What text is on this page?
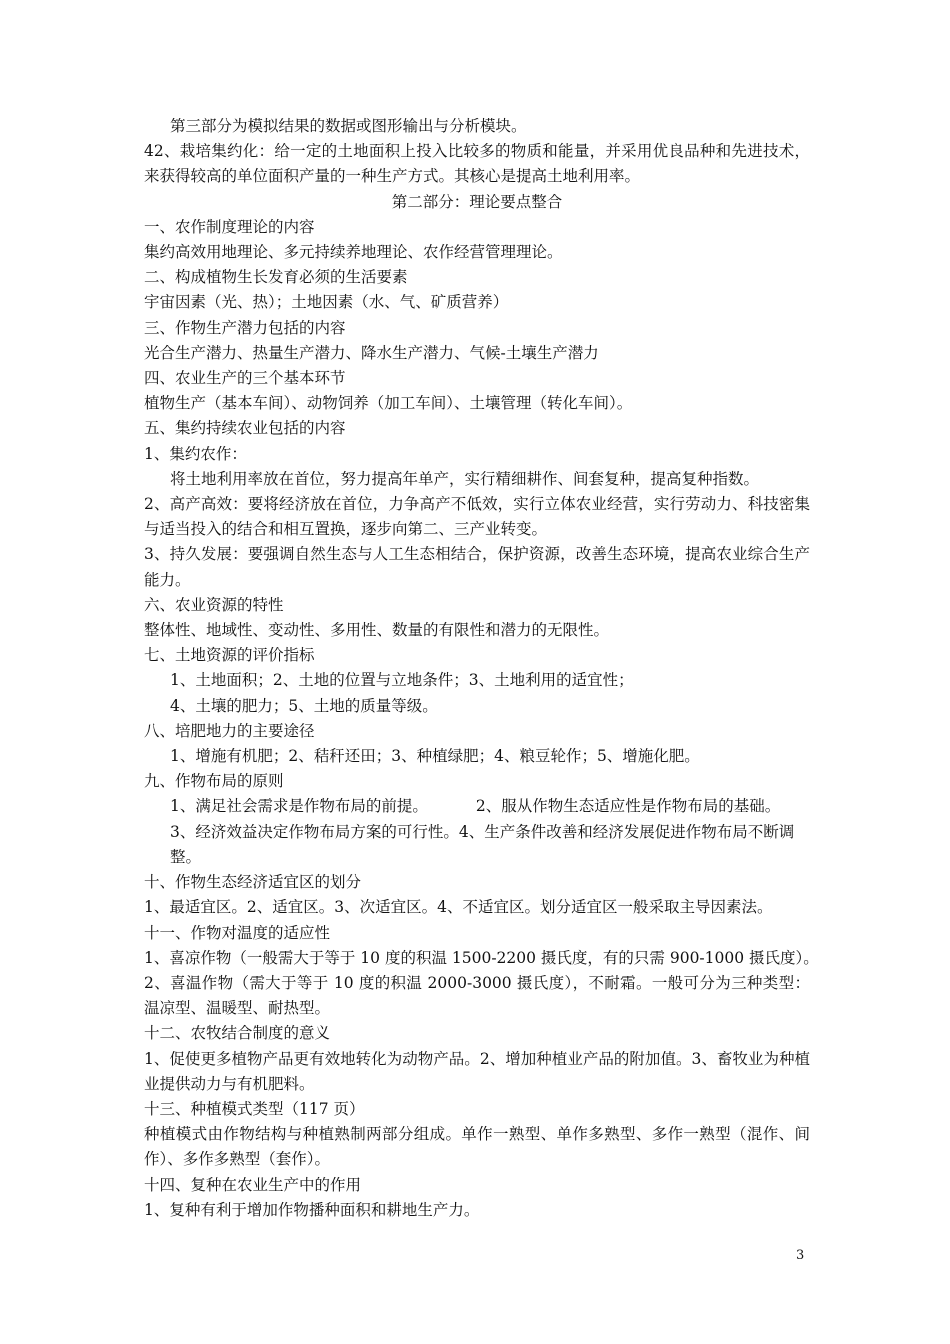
第三部分为模拟结果的数据或图形输出与分析模块。
42、栽培集约化：给一定的土地面积上投入比较多的物质和能量，并采用优良品种和先进技术，来获得较高的单位面积产量的一种生产方式。其核心是提高土地利用率。
第二部分：理论要点整合
一、农作制度理论的内容
集约高效用地理论、多元持续养地理论、农作经营管理理论。
二、构成植物生长发育必须的生活要素
宇宙因素（光、热）；土地因素（水、气、矿质营养）
三、作物生产潜力包括的内容
光合生产潜力、热量生产潜力、降水生产潜力、气候-土壤生产潜力
四、农业生产的三个基本环节
植物生产（基本车间）、动物饲养（加工车间）、土壤管理（转化车间）。
五、集约持续农业包括的内容
1、集约农作：
将土地利用率放在首位，努力提高年单产，实行精细耕作、间套复种，提高复种指数。
2、高产高效：要将经济放在首位，力争高产不低效，实行立体农业经营，实行劳动力、科技密集与适当投入的结合和相互置换，逐步向第二、三产业转变。
3、持久发展：要强调自然生态与人工生态相结合，保护资源，改善生态环境，提高农业综合生产能力。
六、农业资源的特性
整体性、地域性、变动性、多用性、数量的有限性和潜力的无限性。
七、土地资源的评价指标
1、土地面积；2、土地的位置与立地条件；3、土地利用的适宜性；
4、土壤的肥力；5、土地的质量等级。
八、培肥地力的主要途径
1、增施有机肥；2、秸秆还田；3、种植绿肥；4、粮豆轮作；5、增施化肥。
九、作物布局的原则
1、满足社会需求是作物布局的前提。	2、服从作物生态适应性是作物布局的基础。
3、经济效益决定作物布局方案的可行性。4、生产条件改善和经济发展促进作物布局不断调整。
十、作物生态经济适宜区的划分
1、最适宜区。2、适宜区。3、次适宜区。4、不适宜区。划分适宜区一般采取主导因素法。
十一、作物对温度的适应性
1、喜凉作物（一般需大于等于 10 度的积温 1500-2200 摄氏度，有的只需 900-1000 摄氏度）。
2、喜温作物（需大于等于 10 度的积温 2000-3000 摄氏度），不耐霜。一般可分为三种类型：温凉型、温暖型、耐热型。
十二、农牧结合制度的意义
1、促使更多植物产品更有效地转化为动物产品。2、增加种植业产品的附加值。3、畜牧业为种植业提供动力与有机肥料。
十三、种植模式类型（117 页）
种植模式由作物结构与种植熟制两部分组成。单作一熟型、单作多熟型、多作一熟型（混作、间作）、多作多熟型（套作）。
十四、复种在农业生产中的作用
1、复种有利于增加作物播种面积和耕地生产力。
3
